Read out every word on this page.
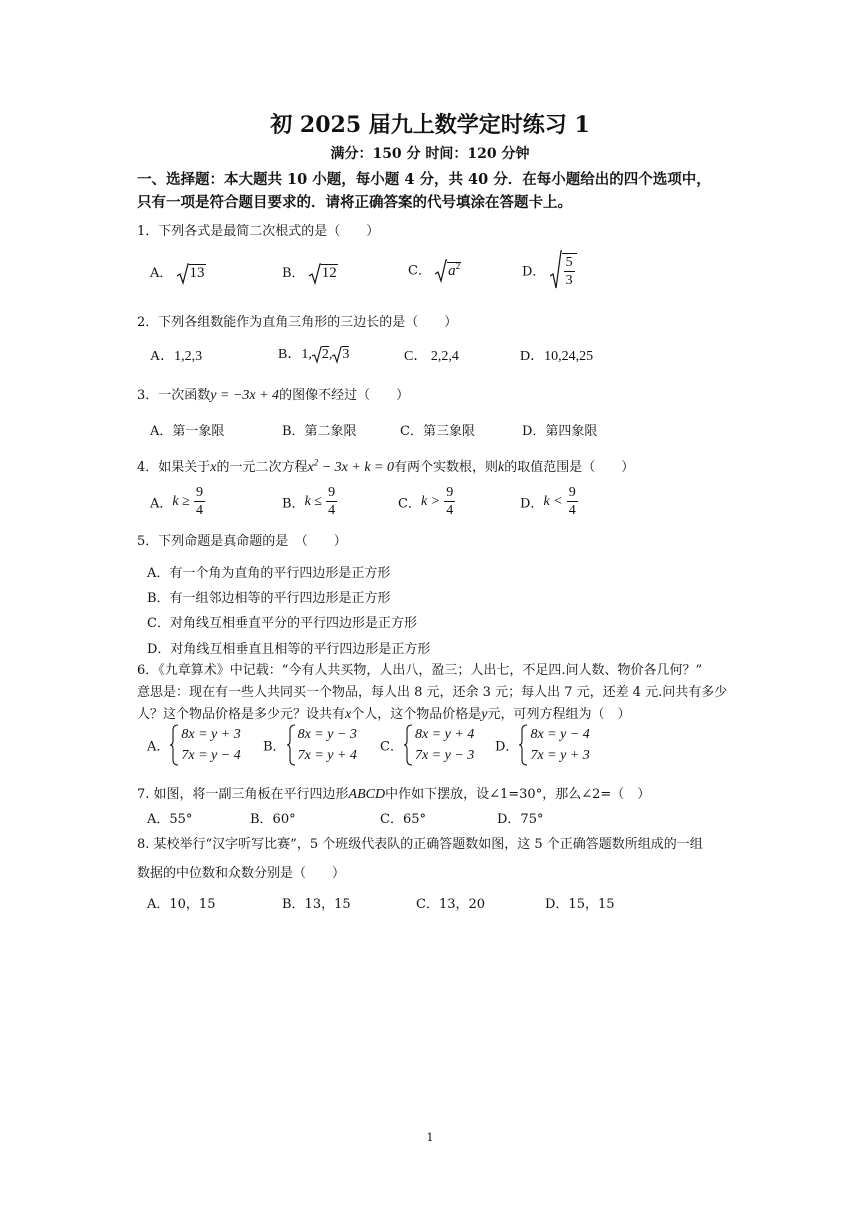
初 2025 届九上数学定时练习 1
满分：150 分 时间：120 分钟
一、选择题：本大题共 10 小题，每小题 4 分，共 40 分．在每小题给出的四个选项中，
只有一项是符合题目要求的．请将正确答案的代号填涂在答题卡上。
1．下列各式是最简二次根式的是（　　）
A． 13	B． 12	C． $a^2$	D． $\frac{5}{3}$
2．下列各组数能作为直角三角形的三边长的是（　　）
A．1,2,3	B．1, 2, 3	C． 2,2,4	D．10,24,25
3．一次函数y = −3x + 4的图像不经过（　　）
A．第一象限	B．第二象限	C．第三象限	D．第四象限
4．如果关于x的一元二次方程$x^2 - 3x + k = 0$有两个实数根，则k的取值范围是（　　）
A．$k \ge \frac{9}{4}$	B．$k \le \frac{9}{4}$	C．$k > \frac{9}{4}$	D．$k < \frac{9}{4}$
5．下列命题是真命题的是　（　　）
A．有一个角为直角的平行四边形是正方形
B．有一组邻边相等的平行四边形是正方形
C．对角线互相垂直平分的平行四边形是正方形
D．对角线互相垂直且相等的平行四边形是正方形
6．《九章算术》中记载：“今有人共买物，人出八，盈三；人出七，不足四.问人数、物价各几何？”
意思是：现在有一些人共同买一个物品，每人出 8 元，还余 3 元；每人出 7 元，还差 4 元.问共有多少
人？这个物品价格是多少元？设共有x个人，这个物品价格是y元，可列方程组为（　）
A．
8x = y + 3
7x = y − 4
B．
8x = y − 3
7x = y + 4
C．
8x = y + 4
7x = y − 3
D．
8x = y − 4
7x = y + 3
7. 如图，将一副三角板在平行四边形ABCD中作如下摆放，设∠1=30°，那么∠2=（　）
A．55°	B．60°	C．65°	D．75°
8. 某校举行“汉字听写比赛”，5 个班级代表队的正确答题数如图，这 5 个正确答题数所组成的一组
数据的中位数和众数分别是（　　）
A．10，15	B．13，15	C．13，20	D．15，15
1
